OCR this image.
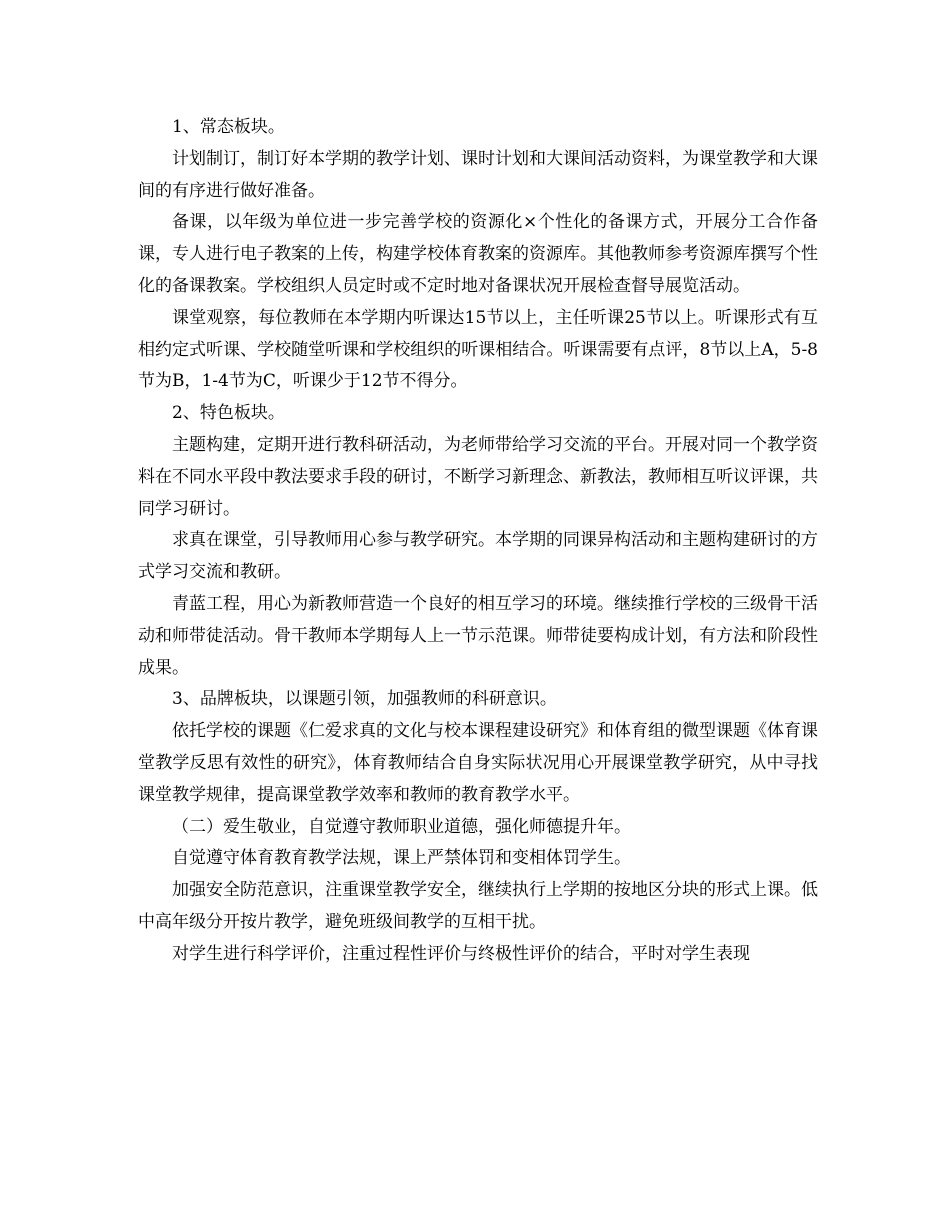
1、常态板块。

计划制订，制订好本学期的教学计划、课时计划和大课间活动资料，为课堂教学和大课间的有序进行做好准备。

备课，以年级为单位进一步完善学校的资源化×个性化的备课方式，开展分工合作备课，专人进行电子教案的上传，构建学校体育教案的资源库。其他教师参考资源库撰写个性化的备课教案。学校组织人员定时或不定时地对备课状况开展检查督导展览活动。

课堂观察，每位教师在本学期内听课达15节以上，主任听课25节以上。听课形式有互相约定式听课、学校随堂听课和学校组织的听课相结合。听课需要有点评，8节以上A，5-8节为B，1-4节为C，听课少于12节不得分。

2、特色板块。

主题构建，定期开进行教科研活动，为老师带给学习交流的平台。开展对同一个教学资料在不同水平段中教法要求手段的研讨，不断学习新理念、新教法，教师相互听议评课，共同学习研讨。

求真在课堂，引导教师用心参与教学研究。本学期的同课异构活动和主题构建研讨的方式学习交流和教研。

青蓝工程，用心为新教师营造一个良好的相互学习的环境。继续推行学校的三级骨干活动和师带徒活动。骨干教师本学期每人上一节示范课。师带徒要构成计划，有方法和阶段性成果。

3、品牌板块，以课题引领，加强教师的科研意识。

依托学校的课题《仁爱求真的文化与校本课程建设研究》和体育组的微型课题《体育课堂教学反思有效性的研究》，体育教师结合自身实际状况用心开展课堂教学研究，从中寻找课堂教学规律，提高课堂教学效率和教师的教育教学水平。

（二）爱生敬业，自觉遵守教师职业道德，强化师德提升年。

自觉遵守体育教育教学法规，课上严禁体罚和变相体罚学生。

加强安全防范意识，注重课堂教学安全，继续执行上学期的按地区分块的形式上课。低中高年级分开按片教学，避免班级间教学的互相干扰。

对学生进行科学评价，注重过程性评价与终极性评价的结合，平时对学生表现
